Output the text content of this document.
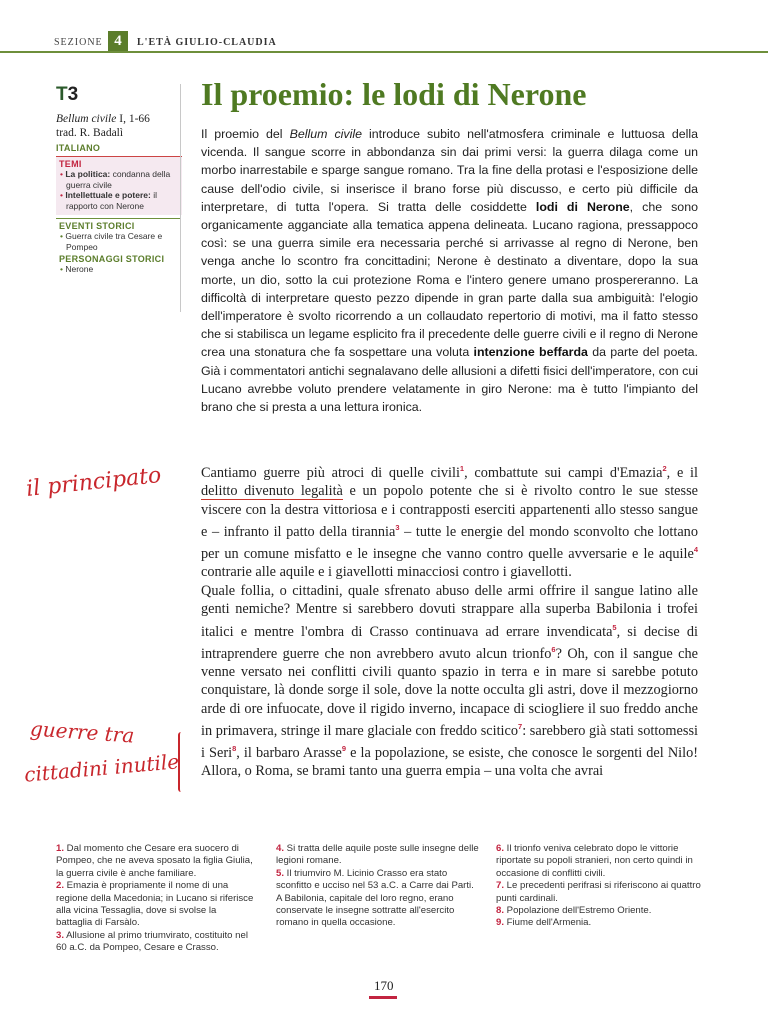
SEZIONE 4	L'ETÀ GIULIO-CLAUDIA
T3
Bellum civile I, 1-66
trad. R. Badalì
ITALIANO
TEMI
• La politica: condanna della guerra civile
• Intellettuale e potere: il rapporto con Nerone
EVENTI STORICI
• Guerra civile tra Cesare e Pompeo
PERSONAGGI STORICI
• Nerone
Il proemio: le lodi di Nerone
Il proemio del Bellum civile introduce subito nell'atmosfera criminale e luttuosa della vicenda. Il sangue scorre in abbondanza sin dai primi versi: la guerra dilaga come un morbo inarrestabile e sparge sangue romano. Tra la fine della protasi e l'esposizione delle cause dell'odio civile, si inserisce il brano forse più discusso, e certo più difficile da interpretare, di tutta l'opera. Si tratta delle cosiddette lodi di Nerone, che sono organicamente agganciate alla tematica appena delineata. Lucano ragiona, pressappoco così: se una guerra simile era necessaria perché si arrivasse al regno di Nerone, ben venga anche lo scontro fra concittadini; Nerone è destinato a diventare, dopo la sua morte, un dio, sotto la cui protezione Roma e l'intero genere umano prospereranno. La difficoltà di interpretare questo pezzo dipende in gran parte dalla sua ambiguità: l'elogio dell'imperatore è svolto ricorrendo a un collaudato repertorio di motivi, ma il fatto stesso che si stabilisca un legame esplicito fra il precedente delle guerre civili e il regno di Nerone crea una stonatura che fa sospettare una voluta intenzione beffarda da parte del poeta. Già i commentatori antichi segnalavano delle allusioni a difetti fisici dell'imperatore, con cui Lucano avrebbe voluto prendere velatamente in giro Nerone: ma è tutto l'impianto del brano che si presta a una lettura ironica.

Cantiamo guerre più atroci di quelle civili$^1$, combattute sui campi d'Emazia$^2$, e il delitto divenuto legalità e un popolo potente che si è rivolto contro le sue stesse viscere con la destra vittoriosa e i contrapposti eserciti appartenenti allo stesso sangue e – infranto il patto della tirannia$^3$ – tutte le energie del mondo sconvolto che lottano per un comune misfatto e le insegne che vanno contro quelle avversarie e le aquile$^4$ contrarie alle aquile e i giavellotti minacciosi contro i giavellotti.

Quale follia, o cittadini, quale sfrenato abuso delle armi offrire il sangue latino alle genti nemiche? Mentre si sarebbero dovuti strappare alla superba Babilonia i trofei italici e mentre l'ombra di Crasso continuava ad errare invendicata$^5$, si decise di intraprendere guerre che non avrebbero avuto alcun trionfo$^6$? Oh, con il sangue che venne versato nei conflitti civili quanto spazio in terra e in mare si sarebbe potuto conquistare, là donde sorge il sole, dove la notte occulta gli astri, dove il mezzogiorno arde di ore infuocate, dove il rigido inverno, incapace di sciogliere il suo freddo anche in primavera, stringe il mare glaciale con freddo scitico$^7$: sarebbero già stati sottomessi i Seri$^8$, il barbaro Arasse$^9$ e la popolazione, se esiste, che conosce le sorgenti del Nilo! Allora, o Roma, se brami tanto una guerra empia – una volta che avrai

il principato
guerre tra
cittadini inutile

1. Dal momento che Cesare era suocero di Pompeo, che ne aveva sposato la figlia Giulia, la guerra civile è anche familiare.

2. Emazia è propriamente il nome di una regione della Macedonia; in Lucano si riferisce alla vicina Tessaglia, dove si svolse la battaglia di Farsàlo.

3. Allusione al primo triumvirato, costituito nel 60 a.C. da Pompeo, Cesare e Crasso.

4. Si tratta delle aquile poste sulle insegne delle legioni romane.

5. Il triumviro M. Licinio Crasso era stato sconfitto e ucciso nel 53 a.C. a Carre dai Parti. A Babilonia, capitale del loro regno, erano conservate le insegne sottratte all'esercito romano in quella occasione.

6. Il trionfo veniva celebrato dopo le vittorie riportate su popoli stranieri, non certo quindi in occasione di conflitti civili.

7. Le precedenti perifrasi si riferiscono ai quattro punti cardinali.

8. Popolazione dell'Estremo Oriente.

9. Fiume dell'Armenia.

170
